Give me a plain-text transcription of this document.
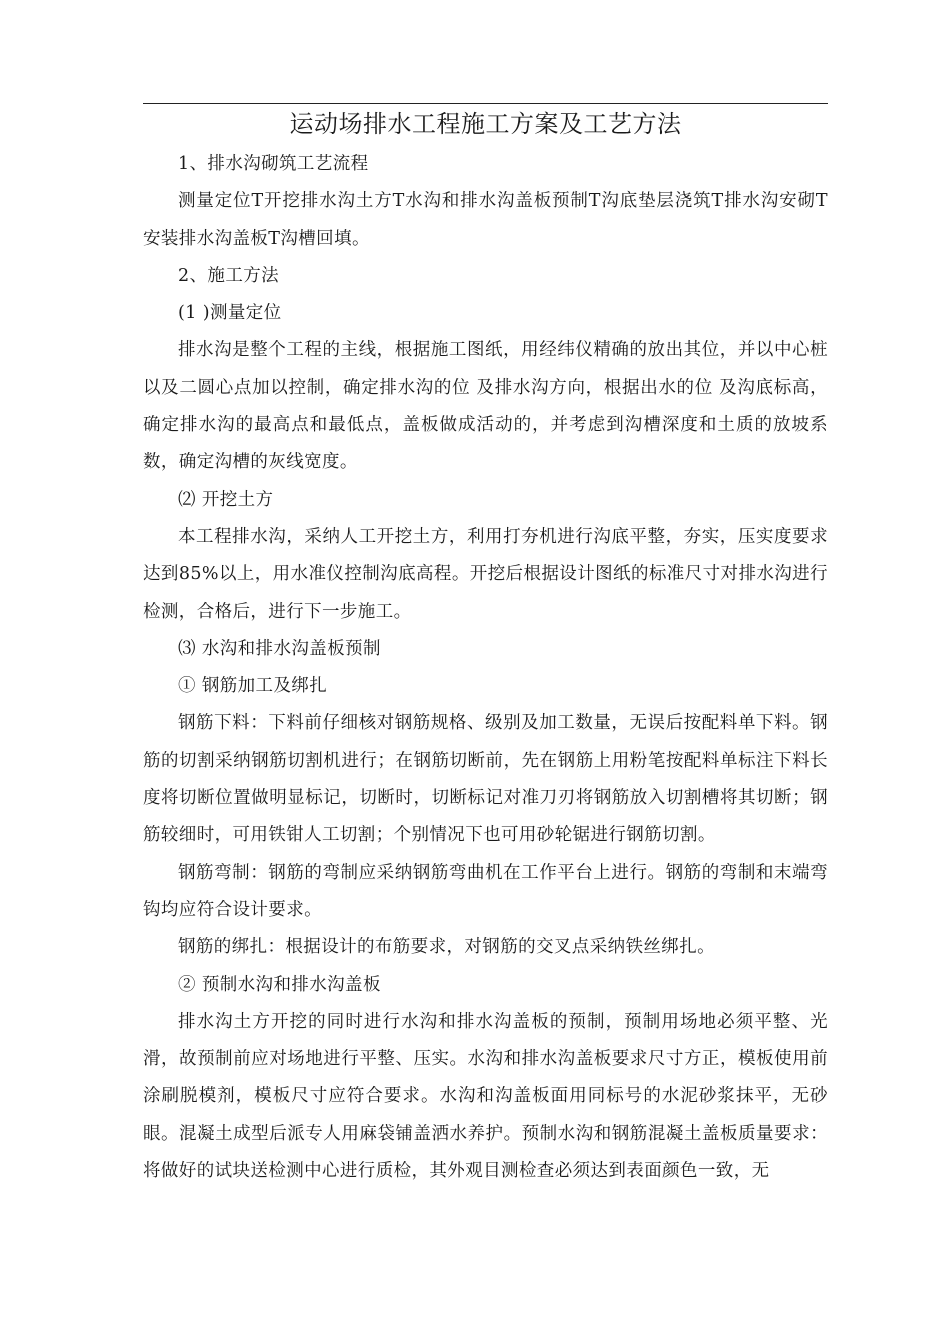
运动场排水工程施工方案及工艺方法

1、排水沟砌筑工艺流程

测量定位T开挖排水沟土方T水沟和排水沟盖板预制T沟底垫层浇筑T排水沟安砌T安装排水沟盖板T沟槽回填。

2、施工方法

(1 )测量定位

排水沟是整个工程的主线，根据施工图纸，用经纬仪精确的放出其位，并以中心桩以及二圆心点加以控制，确定排水沟的位 及排水沟方向，根据出水的位 及沟底标高，确定排水沟的最高点和最低点，盖板做成活动的，并考虑到沟槽深度和土质的放坡系数，确定沟槽的灰线宽度。

⑵ 开挖土方

本工程排水沟，采纳人工开挖土方，利用打夯机进行沟底平整，夯实，压实度要求达到85%以上，用水准仪控制沟底高程。开挖后根据设计图纸的标准尺寸对排水沟进行检测，合格后，进行下一步施工。

⑶ 水沟和排水沟盖板预制

① 钢筋加工及绑扎

钢筋下料：下料前仔细核对钢筋规格、级别及加工数量，无误后按配料单下料。钢筋的切割采纳钢筋切割机进行；在钢筋切断前，先在钢筋上用粉笔按配料单标注下料长度将切断位置做明显标记，切断时，切断标记对准刀刃将钢筋放入切割槽将其切断；钢筋较细时，可用铁钳人工切割；个别情况下也可用砂轮锯进行钢筋切割。

钢筋弯制：钢筋的弯制应采纳钢筋弯曲机在工作平台上进行。钢筋的弯制和末端弯钩均应符合设计要求。

钢筋的绑扎：根据设计的布筋要求，对钢筋的交叉点采纳铁丝绑扎。

② 预制水沟和排水沟盖板

排水沟土方开挖的同时进行水沟和排水沟盖板的预制，预制用场地必须平整、光滑，故预制前应对场地进行平整、压实。水沟和排水沟盖板要求尺寸方正，模板使用前涂刷脱模剂，模板尺寸应符合要求。水沟和沟盖板面用同标号的水泥砂浆抹平，无砂眼。混凝土成型后派专人用麻袋铺盖洒水养护。预制水沟和钢筋混凝土盖板质量要求：将做好的试块送检测中心进行质检，其外观目测检查必须达到表面颜色一致，无
